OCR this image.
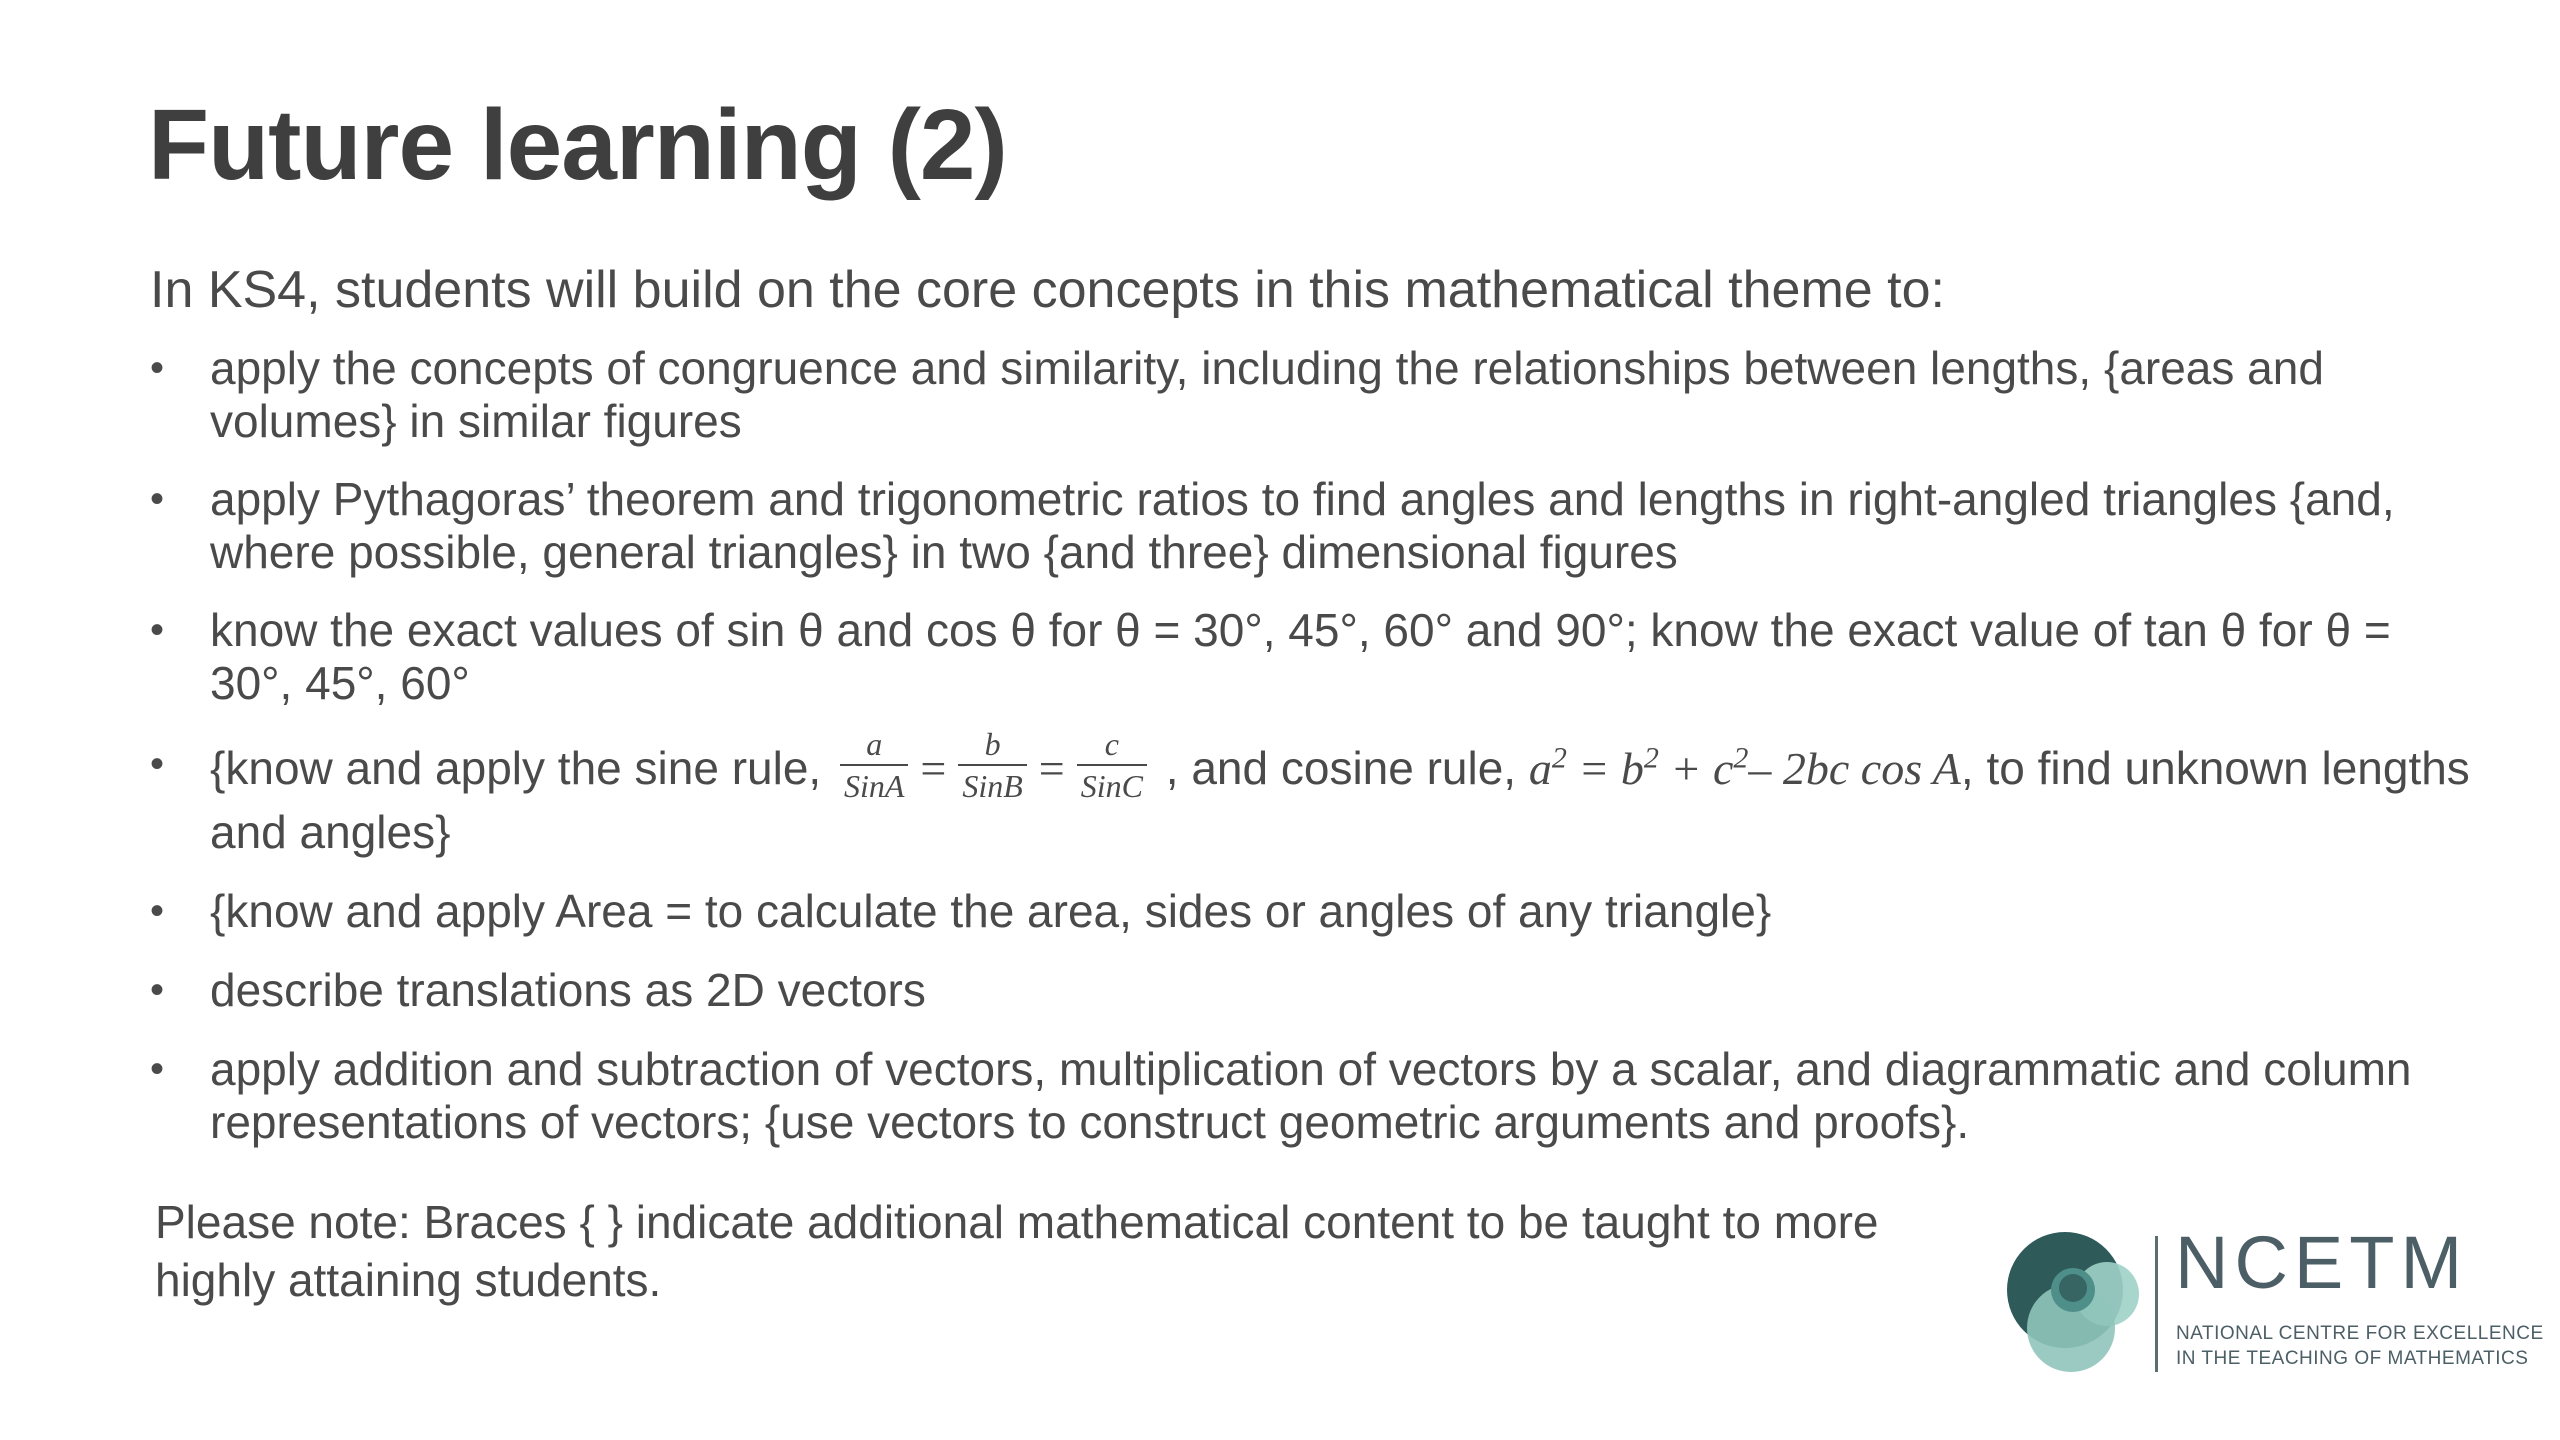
Future learning (2)
In KS4, students will build on the core concepts in this mathematical theme to:
• apply the concepts of congruence and similarity, including the relationships between lengths, {areas and volumes} in similar figures
• apply Pythagoras’ theorem and trigonometric ratios to find angles and lengths in right-angled triangles {and, where possible, general triangles} in two {and three} dimensional figures
• know the exact values of sin θ and cos θ for θ = 30°, 45°, 60° and 90°; know the exact value of tan θ for θ = 30°, 45°, 60°
• {know and apply the sine rule, $\frac{a}{\text{SinA}} = \frac{b}{\text{SinB}} = \frac{c}{\text{SinC}}$ , and cosine rule, $a^2 = b^2 + c^2-$ 2bc cos A, to find unknown lengths and angles}
• {know and apply Area = to calculate the area, sides or angles of any triangle}
• describe translations as 2D vectors
• apply addition and subtraction of vectors, multiplication of vectors by a scalar, and diagrammatic and column representations of vectors; {use vectors to construct geometric arguments and proofs}.
Please note: Braces { } indicate additional mathematical content to be taught to more highly attaining students.	NCETM
NATIONAL CENTRE FOR EXCELLENCE
IN THE TEACHING OF MATHEMATICS
